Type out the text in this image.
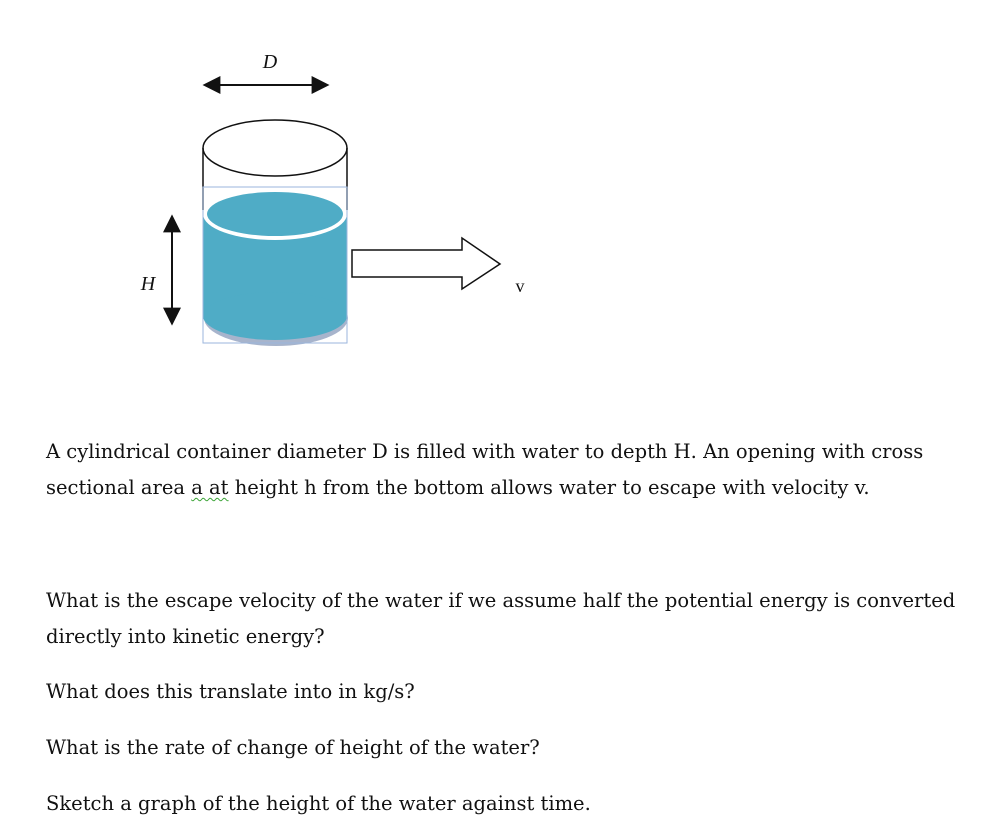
D
H	v

A cylindrical container diameter D is filled with water to depth H. An opening with cross sectional area a at height h from the bottom allows water to escape with velocity v.

What is the escape velocity of the water if we assume half the potential energy is converted directly into kinetic energy?

What does this translate into in kg/s?

What is the rate of change of height of the water?

Sketch a graph of the height of the water against time.
